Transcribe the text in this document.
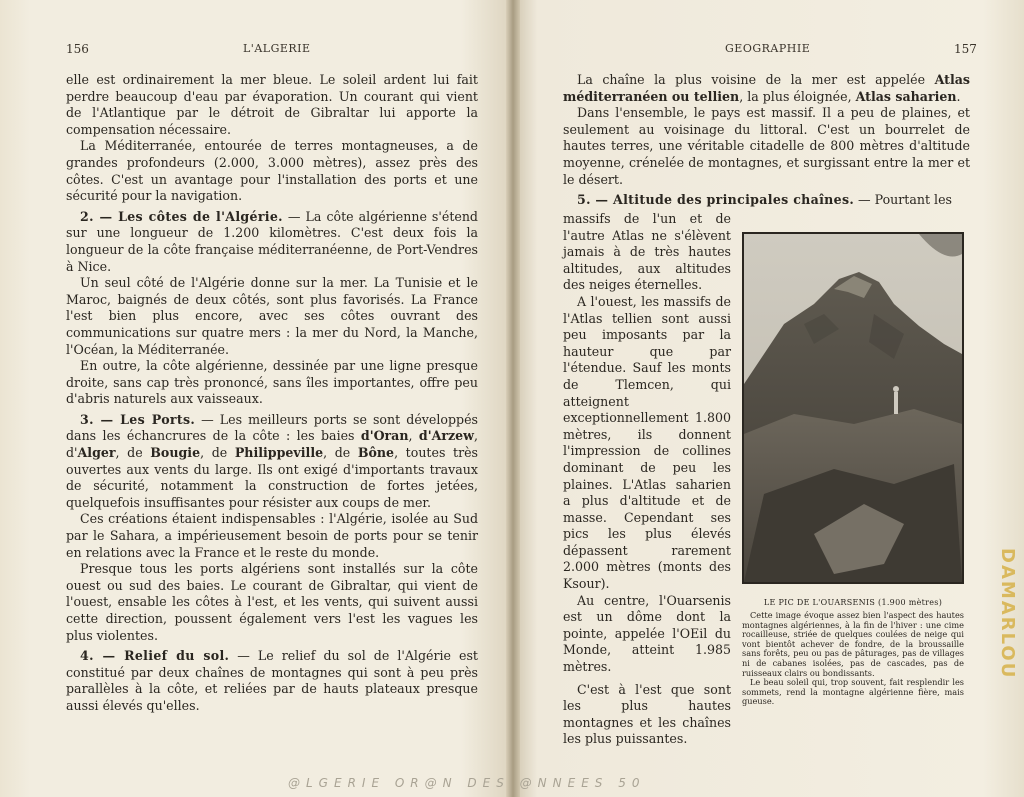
156	L'ALGERIE

elle est ordinairement la mer bleue. Le soleil ardent lui fait perdre beaucoup d'eau par évaporation. Un courant qui vient de l'Atlantique par le détroit de Gibraltar lui apporte la compensation nécessaire.

La Méditerranée, entourée de terres montagneuses, a de grandes profondeurs (2.000, 3.000 mètres), assez près des côtes. C'est un avantage pour l'installation des ports et une sécurité pour la navigation.

2. — Les côtes de l'Algérie. — La côte algérienne s'étend sur une longueur de 1.200 kilomètres. C'est deux fois la longueur de la côte française méditerranéenne, de Port-Vendres à Nice.

Un seul côté de l'Algérie donne sur la mer. La Tunisie et le Maroc, baignés de deux côtés, sont plus favorisés. La France l'est bien plus encore, avec ses côtes ouvrant des communications sur quatre mers : la mer du Nord, la Manche, l'Océan, la Méditerranée.

En outre, la côte algérienne, dessinée par une ligne presque droite, sans cap très prononcé, sans îles importantes, offre peu d'abris naturels aux vaisseaux.

3. — Les Ports. — Les meilleurs ports se sont développés dans les échancrures de la côte : les baies d'Oran, d'Arzew, d'Alger, de Bougie, de Philippeville, de Bône, toutes très ouvertes aux vents du large. Ils ont exigé d'importants travaux de sécurité, notamment la construction de fortes jetées, quelquefois insuffisantes pour résister aux coups de mer.

Ces créations étaient indispensables : l'Algérie, isolée au Sud par le Sahara, a impérieusement besoin de ports pour se tenir en relations avec la France et le reste du monde.

Presque tous les ports algériens sont installés sur la côte ouest ou sud des baies. Le courant de Gibraltar, qui vient de l'ouest, ensable les côtes à l'est, et les vents, qui suivent aussi cette direction, poussent également vers l'est les vagues les plus violentes.

4. — Relief du sol. — Le relief du sol de l'Algérie est constitué par deux chaînes de montagnes qui sont à peu près parallèles à la côte, et reliées par de hauts plateaux presque aussi élevés qu'elles.

GEOGRAPHIE	157

La chaîne la plus voisine de la mer est appelée Atlas méditerranéen ou tellien, la plus éloignée, Atlas saharien.

Dans l'ensemble, le pays est massif. Il a peu de plaines, et seulement au voisinage du littoral. C'est un bourrelet de hautes terres, une véritable citadelle de 800 mètres d'altitude moyenne, crénelée de montagnes, et surgissant entre la mer et le désert.

5. — Altitude des principales chaînes. — Pourtant les

massifs de l'un et de l'autre Atlas ne s'élèvent jamais à de très hautes altitudes, aux altitudes des neiges éternelles.

A l'ouest, les massifs de l'Atlas tellien sont aussi peu imposants par la hauteur que par l'étendue. Sauf les monts de Tlemcen, qui atteignent exceptionnellement 1.800 mètres, ils donnent l'impression de collines dominant de peu les plaines. L'Atlas saharien a plus d'altitude et de masse. Cependant ses pics les plus élevés dépassent rarement 2.000 mètres (monts des Ksour).

Au centre, l'Ouarsenis est un dôme dont la pointe, appelée l'OEil du Monde, atteint 1.985 mètres.

C'est à l'est que sont les plus hautes montagnes et les chaînes les plus puissantes.

LE PIC DE L'OUARSENIS (1.900 mètres)

Cette image évoque assez bien l'aspect des hautes montagnes algériennes, à la fin de l'hiver : une cime rocailleuse, striée de quelques coulées de neige qui vont bientôt achever de fondre, de la broussaille sans forêts, peu ou pas de pâturages, pas de villages ni de cabanes isolées, pas de cascades, pas de ruisseaux clairs ou bondissants.

Le beau soleil qui, trop souvent, fait resplendir les sommets, rend la montagne algérienne fière, mais gueuse.

DAMARLOU
@LGERIE OR@N DES @NNEES 50
